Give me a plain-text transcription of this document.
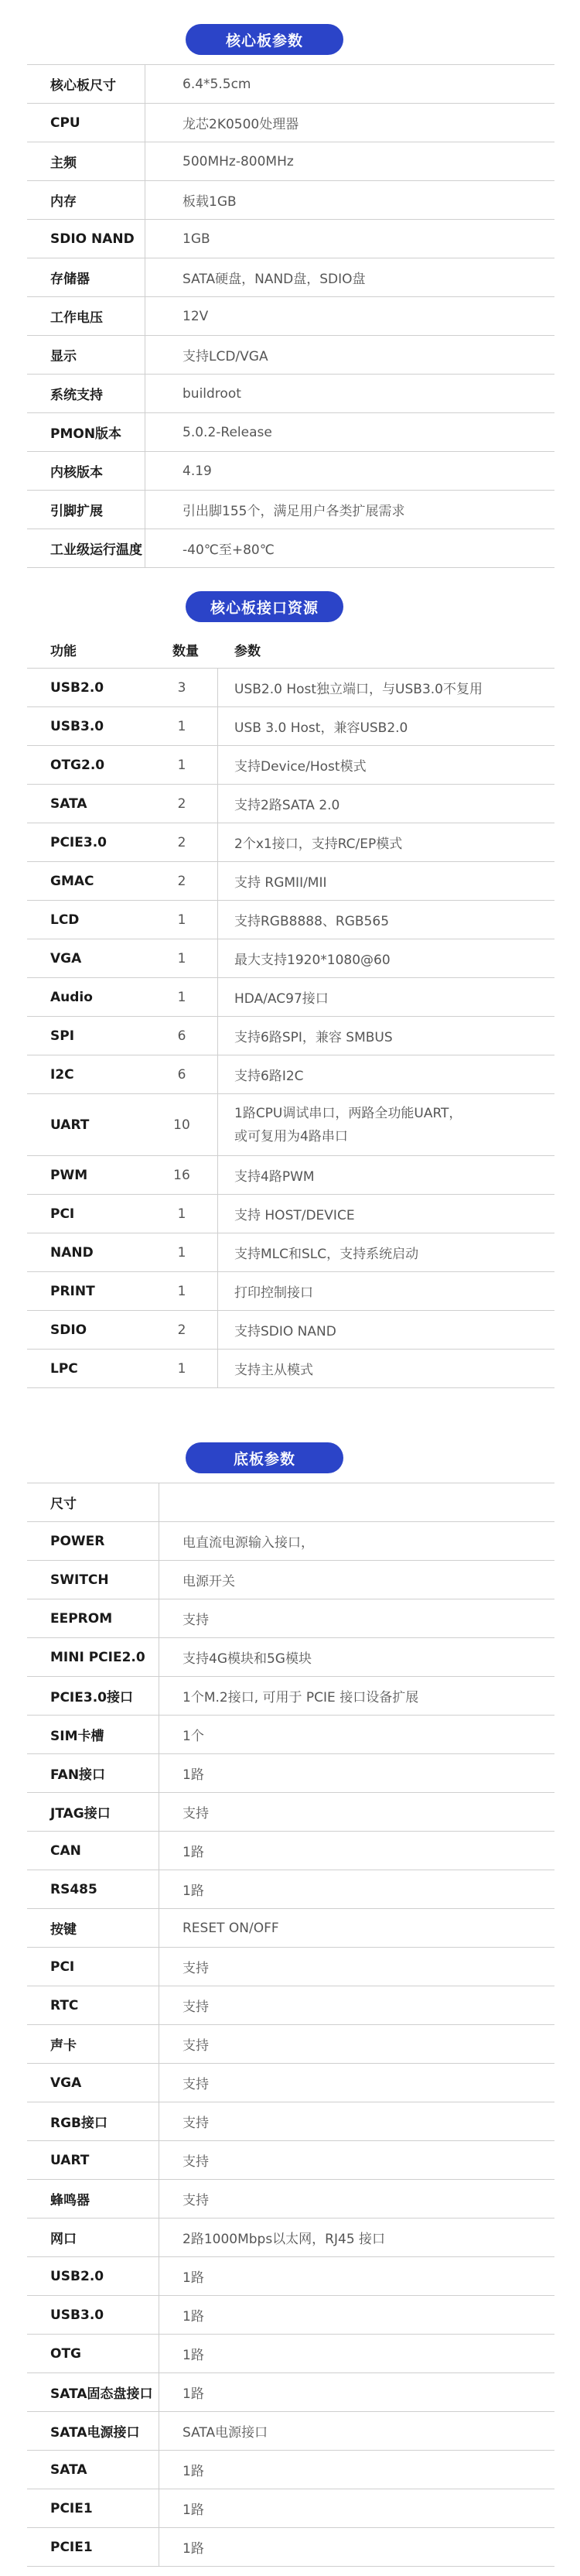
核心板参数
核心板尺寸	6.4*5.5cm
CPU	龙芯2K0500处理器
主频	500MHz-800MHz
内存	板载1GB
SDIO NAND	1GB
存储器	SATA硬盘，NAND盘，SDIO盘
工作电压	12V
显示	支持LCD/VGA
系统支持	buildroot
PMON版本	5.0.2-Release
内核版本	4.19
引脚扩展	引出脚155个，满足用户各类扩展需求
工业级运行温度	-40℃至+80℃
核心板接口资源
功能	数量	参数
USB2.0	3	USB2.0 Host独立端口，与USB3.0不复用
USB3.0	1	USB 3.0 Host，兼容USB2.0
OTG2.0	1	支持Device/Host模式
SATA	2	支持2路SATA 2.0
PCIE3.0	2	2个x1接口，支持RC/EP模式
GMAC	2	支持 RGMII/MII
LCD	1	支持RGB8888、RGB565
VGA	1	最大支持1920*1080@60
Audio	1	HDA/AC97接口
SPI	6	支持6路SPI，兼容 SMBUS
I2C	6	支持6路I2C
UART	10
1路CPU调试串口，两路全功能UART，
或可复用为4路串口
PWM	16	支持4路PWM
PCI	1	支持 HOST/DEVICE
NAND	1	支持MLC和SLC，支持系统启动
PRINT	1	打印控制接口
SDIO	2	支持SDIO NAND
LPC	1	支持主从模式
底板参数
尺寸
POWER	电直流电源输入接口，
SWITCH	电源开关
EEPROM	支持
MINI PCIE2.0	支持4G模块和5G模块
PCIE3.0接口	1个M.2接口, 可用于 PCIE 接口设备扩展
SIM卡槽	1个
FAN接口	1路
JTAG接口	支持
CAN	1路
RS485	1路
按键	RESET ON/OFF
PCI	支持
RTC	支持
声卡	支持
VGA	支持
RGB接口	支持
UART	支持
蜂鸣器	支持
网口	2路1000Mbps以太网，RJ45 接口
USB2.0	1路
USB3.0	1路
OTG	1路
SATA固态盘接口 1路
SATA电源接口	SATA电源接口
SATA	1路
PCIE1	1路
PCIE1	1路
